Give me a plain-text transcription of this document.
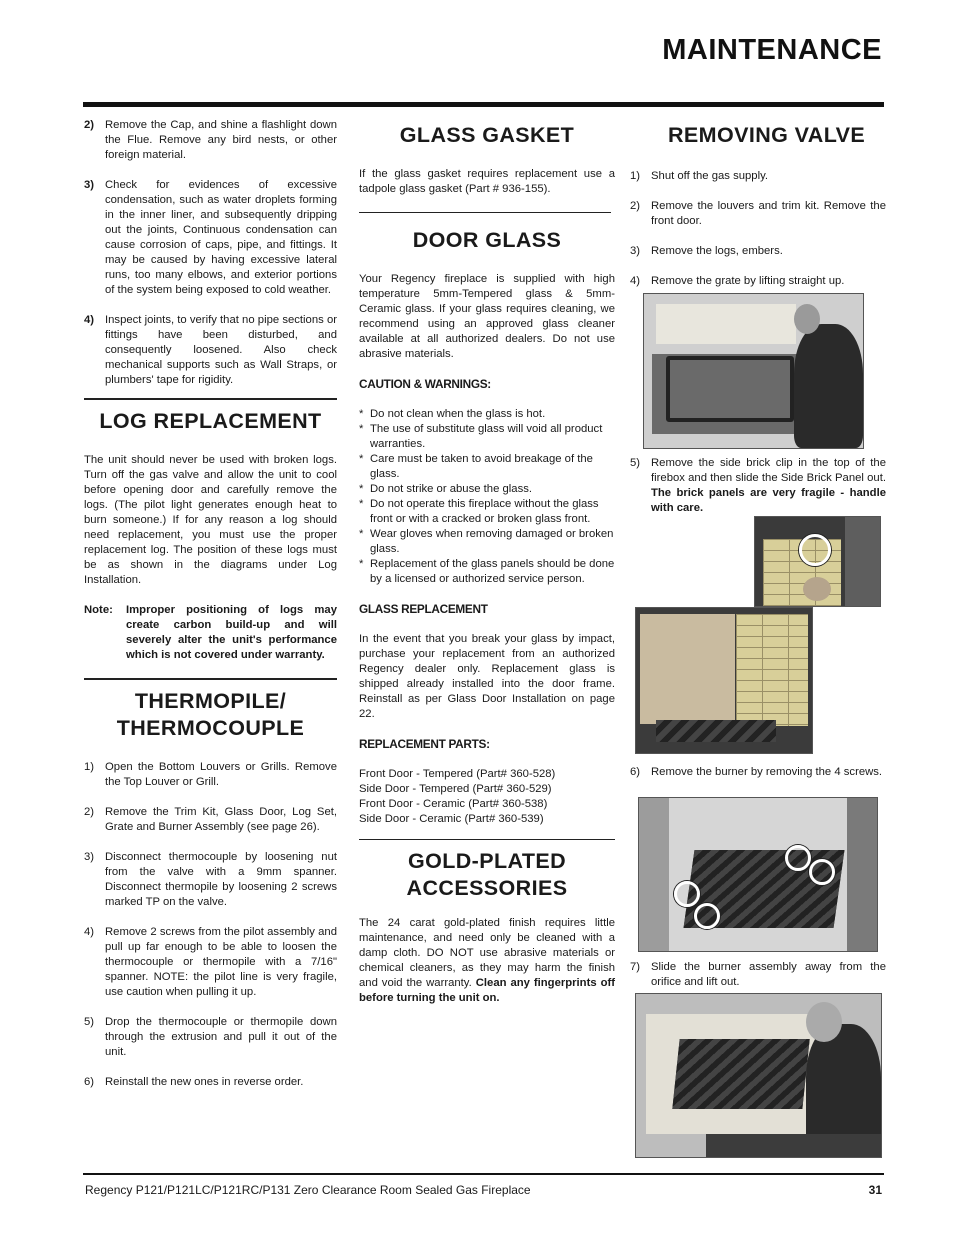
MAINTENANCE
2) Remove the Cap, and shine a flashlight down the Flue. Remove any bird nests, or other foreign material.
3) Check for evidences of excessive condensation, such as water droplets forming in the inner liner, and subsequently dripping out the joints, Continuous condensation can cause corrosion of caps, pipe, and fittings. It may be caused by having excessive lateral runs, too many elbows, and exterior portions of the system being exposed to cold weather.
4) Inspect joints, to verify that no pipe sections or fittings have been disturbed, and consequently loosened. Also check mechanical supports such as Wall Straps, or plumbers' tape for rigidity.
LOG REPLACEMENT

The unit should never be used with broken logs. Turn off the gas valve and allow the unit to cool before opening door and carefully remove the logs. (The pilot light generates enough heat to burn someone.) If for any reason a log should need replacement, you must use the proper replacement log. The position of these logs must be as shown in the diagrams under Log Installation.

Note:	Improper positioning of logs may create carbon build-up and will severely alter the unit's performance which is not covered under warranty.
THERMOPILE/ THERMOCOUPLE
1) Open the Bottom Louvers or Grills. Remove the Top Louver or Grill.
2) Remove the Trim Kit, Glass Door, Log Set, Grate and Burner Assembly (see page 26).
3) Disconnect thermocouple by loosening nut from the valve with a 9mm spanner. Disconnect thermopile by loosening 2 screws marked TP on the valve.
4) Remove 2 screws from the pilot assembly and pull up far enough to be able to loosen the thermocouple or thermopile with a 7/16" spanner. NOTE: the pilot line is very fragile, use caution when pulling it up.
5) Drop the thermocouple or thermopile down through the extrusion and pull it out of the unit.
6) Reinstall the new ones in reverse order.
GLASS GASKET

If the glass gasket requires replacement use a tadpole glass gasket (Part # 936-155).

DOOR GLASS

Your Regency fireplace is supplied with high temperature 5mm-Tempered glass & 5mm-Ceramic glass. If your glass requires cleaning, we recommend using an approved glass cleaner available at all authorized dealers. Do not use abrasive materials.

CAUTION & WARNINGS:
* Do not clean when the glass is hot.
* The use of substitute glass will void all product warranties.
* Care must be taken to avoid breakage of the glass.
* Do not strike or abuse the glass.
* Do not operate this fireplace without the glass front or with a cracked or broken glass front.
* Wear gloves when removing damaged or broken glass.
* Replacement of the glass panels should be done by a licensed or authorized service person.
GLASS REPLACEMENT

In the event that you break your glass by impact, purchase your replacement from an authorized Regency dealer only. Replacement glass is shipped already installed into the door frame. Reinstall as per Glass Door Installation on page 22.

REPLACEMENT PARTS:
Front Door - Tempered (Part# 360-528)
Side Door - Tempered (Part# 360-529)
Front Door - Ceramic (Part# 360-538)
Side Door - Ceramic (Part# 360-539)
GOLD-PLATED ACCESSORIES

The 24 carat gold-plated finish requires little maintenance, and need only be cleaned with a damp cloth. DO NOT use abrasive materials or chemical cleaners, as they may harm the finish and void the warranty. Clean any fingerprints off before turning the unit on.

REMOVING VALVE
1) Shut off the gas supply.
2) Remove the louvers and trim kit. Remove the front door.
3) Remove the logs, embers.
4) Remove the grate by lifting straight up.
5) Remove the side brick clip in the top of the firebox and then slide the Side Brick Panel out. The brick panels are very fragile - handle with care.
6) Remove the burner by removing the 4 screws.
7) Slide the burner assembly away from the orifice and lift out.
Regency P121/P121LC/P121RC/P131 Zero Clearance Room Sealed Gas Fireplace	31
